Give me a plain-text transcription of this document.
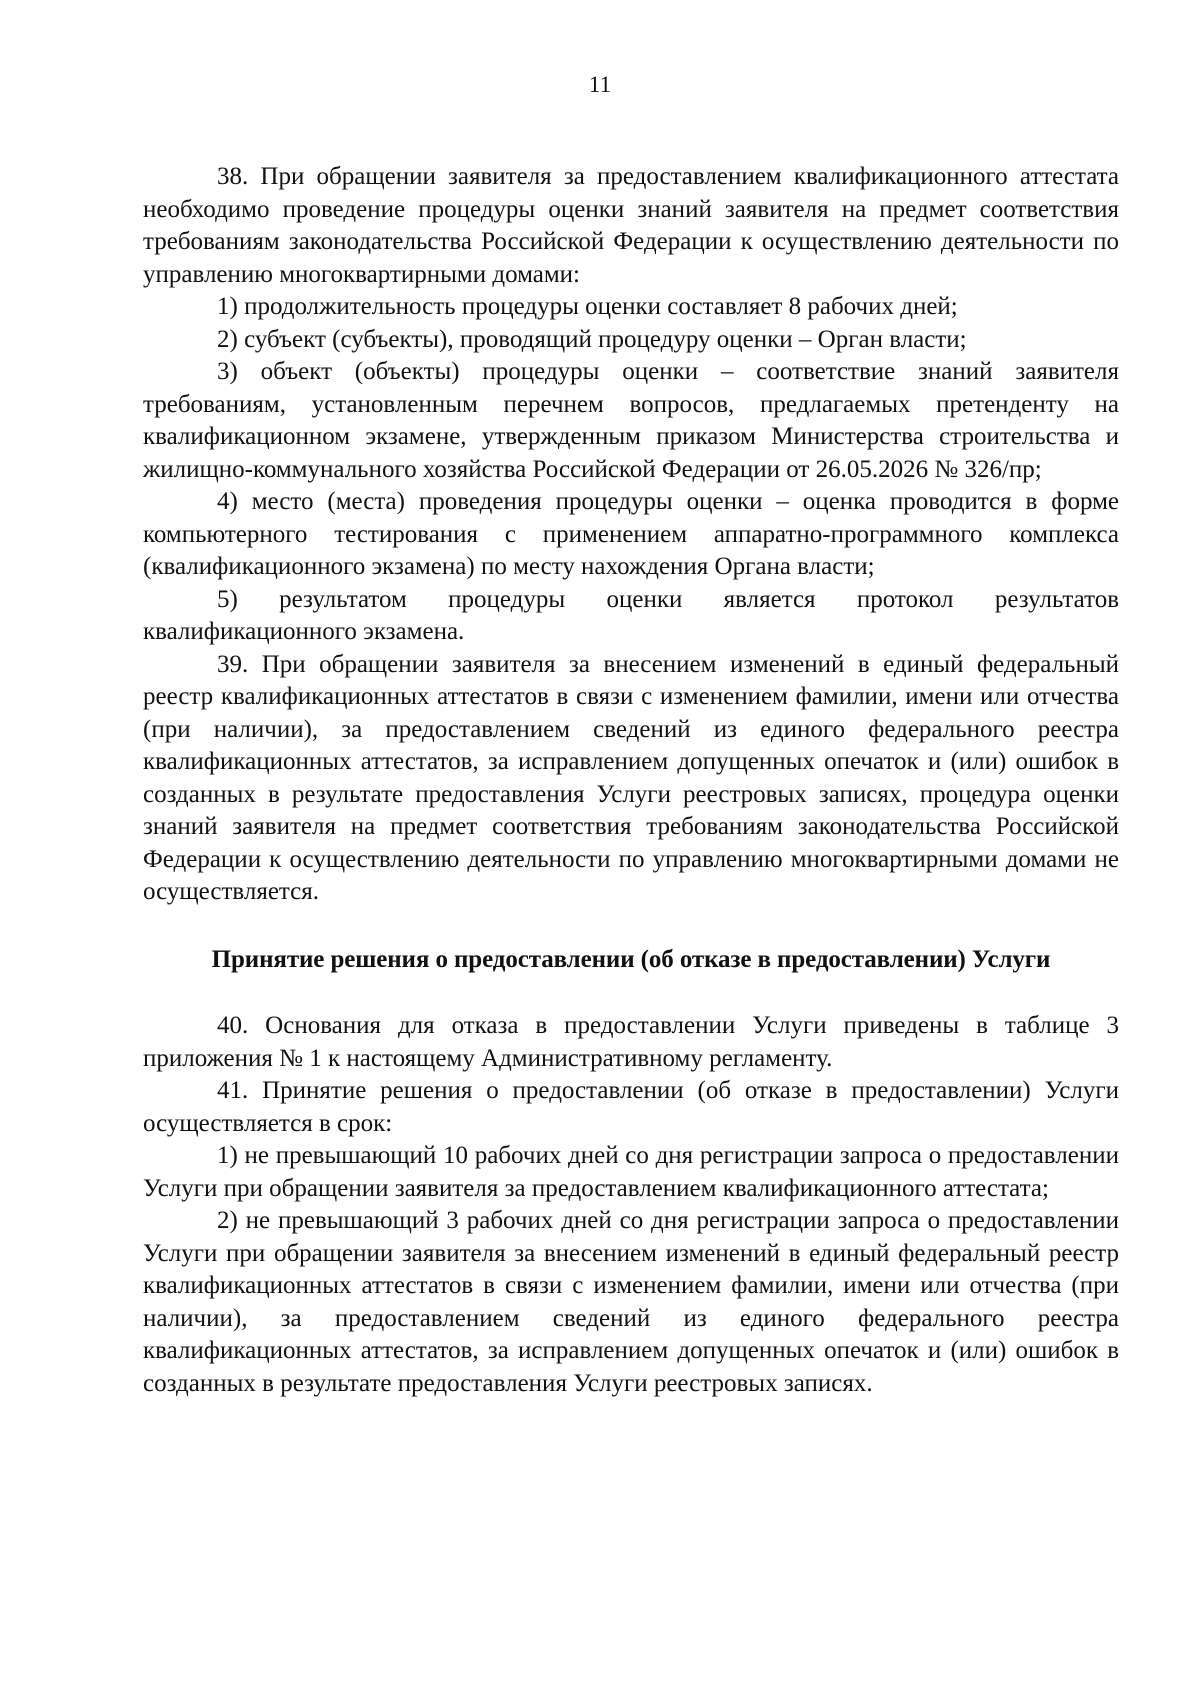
11

38. При обращении заявителя за предоставлением квалификационного аттестата необходимо проведение процедуры оценки знаний заявителя на предмет соответствия требованиям законодательства Российской Федерации к осуществлению деятельности по управлению многоквартирными домами:

1) продолжительность процедуры оценки составляет 8 рабочих дней;

2) субъект (субъекты), проводящий процедуру оценки – Орган власти;

3) объект (объекты) процедуры оценки – соответствие знаний заявителя требованиям, установленным перечнем вопросов, предлагаемых претенденту на квалификационном экзамене, утвержденным приказом Министерства строительства и жилищно-коммунального хозяйства Российской Федерации от 26.05.2026 № 326/пр;

4) место (места) проведения процедуры оценки – оценка проводится в форме компьютерного тестирования с применением аппаратно-программного комплекса (квалификационного экзамена) по месту нахождения Органа власти;

5) результатом процедуры оценки является протокол результатов квалификационного экзамена.

39. При обращении заявителя за внесением изменений в единый федеральный реестр квалификационных аттестатов в связи с изменением фамилии, имени или отчества (при наличии), за предоставлением сведений из единого федерального реестра квалификационных аттестатов, за исправлением допущенных опечаток и (или) ошибок в созданных в результате предоставления Услуги реестровых записях, процедура оценки знаний заявителя на предмет соответствия требованиям законодательства Российской Федерации к осуществлению деятельности по управлению многоквартирными домами не осуществляется.

Принятие решения о предоставлении (об отказе в предоставлении) Услуги

40. Основания для отказа в предоставлении Услуги приведены в таблице 3 приложения № 1 к настоящему Административному регламенту.

41. Принятие решения о предоставлении (об отказе в предоставлении) Услуги осуществляется в срок:

1) не превышающий 10 рабочих дней со дня регистрации запроса о предоставлении Услуги при обращении заявителя за предоставлением квалификационного аттестата;

2) не превышающий 3 рабочих дней со дня регистрации запроса о предоставлении Услуги при обращении заявителя за внесением изменений в единый федеральный реестр квалификационных аттестатов в связи с изменением фамилии, имени или отчества (при наличии), за предоставлением сведений из единого федерального реестра квалификационных аттестатов, за исправлением допущенных опечаток и (или) ошибок в созданных в результате предоставления Услуги реестровых записях.
